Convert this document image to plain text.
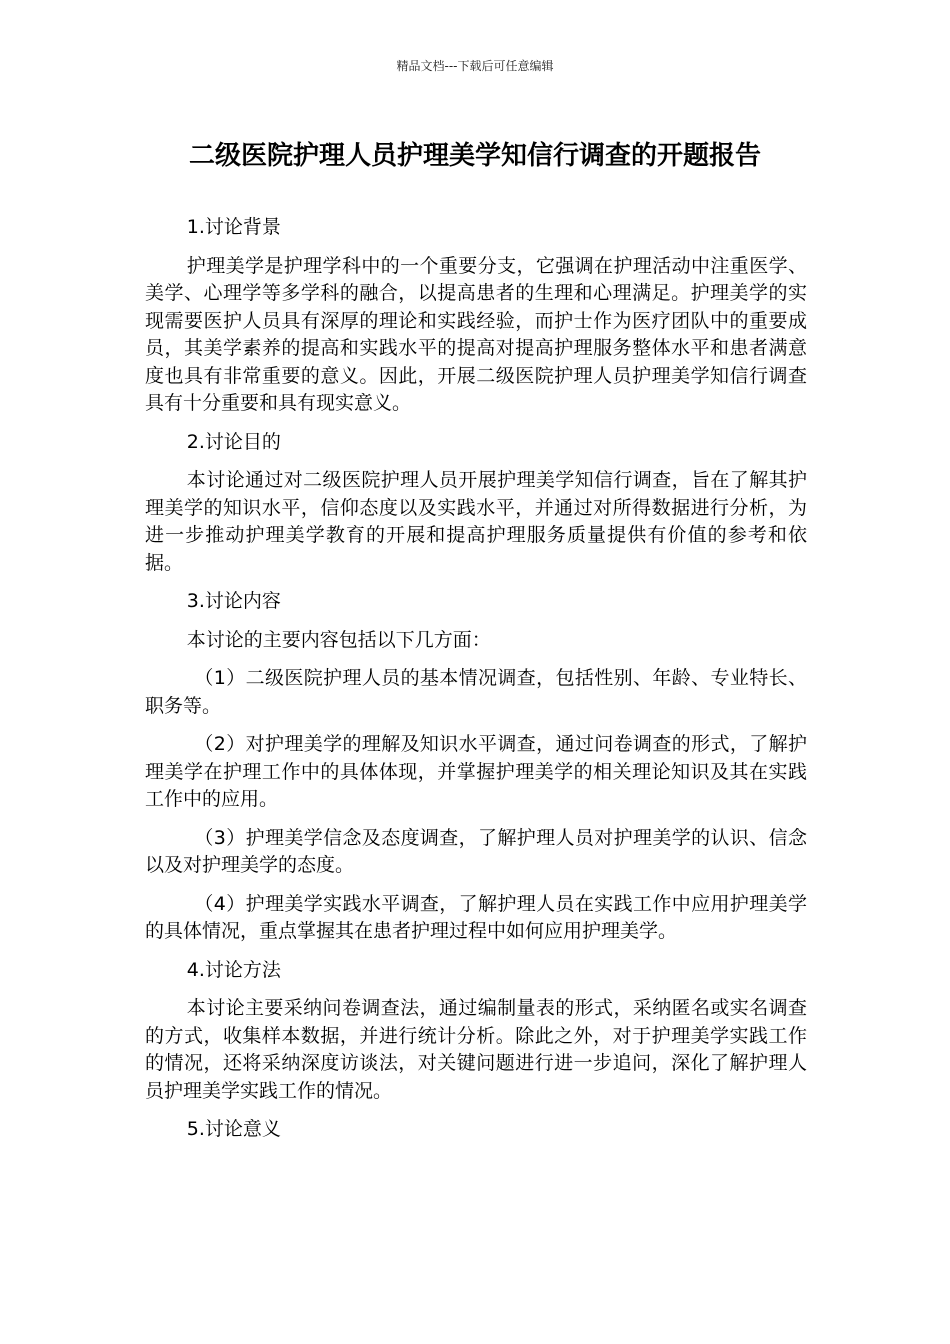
精品文档---下载后可任意编辑
二级医院护理人员护理美学知信行调查的开题报告

1.讨论背景

护理美学是护理学科中的一个重要分支，它强调在护理活动中注重医学、美学、心理学等多学科的融合，以提高患者的生理和心理满足。护理美学的实现需要医护人员具有深厚的理论和实践经验，而护士作为医疗团队中的重要成员，其美学素养的提高和实践水平的提高对提高护理服务整体水平和患者满意度也具有非常重要的意义。因此，开展二级医院护理人员护理美学知信行调查具有十分重要和具有现实意义。

2.讨论目的

本讨论通过对二级医院护理人员开展护理美学知信行调查，旨在了解其护理美学的知识水平，信仰态度以及实践水平，并通过对所得数据进行分析，为进一步推动护理美学教育的开展和提高护理服务质量提供有价值的参考和依据。

3.讨论内容

本讨论的主要内容包括以下几方面：

（1）二级医院护理人员的基本情况调查，包括性别、年龄、专业特长、职务等。

（2）对护理美学的理解及知识水平调查，通过问卷调查的形式，了解护理美学在护理工作中的具体体现，并掌握护理美学的相关理论知识及其在实践工作中的应用。

（3）护理美学信念及态度调查，了解护理人员对护理美学的认识、信念以及对护理美学的态度。

（4）护理美学实践水平调查，了解护理人员在实践工作中应用护理美学的具体情况，重点掌握其在患者护理过程中如何应用护理美学。

4.讨论方法

本讨论主要采纳问卷调查法，通过编制量表的形式，采纳匿名或实名调查的方式，收集样本数据，并进行统计分析。除此之外，对于护理美学实践工作的情况，还将采纳深度访谈法，对关键问题进行进一步追问，深化了解护理人员护理美学实践工作的情况。

5.讨论意义
